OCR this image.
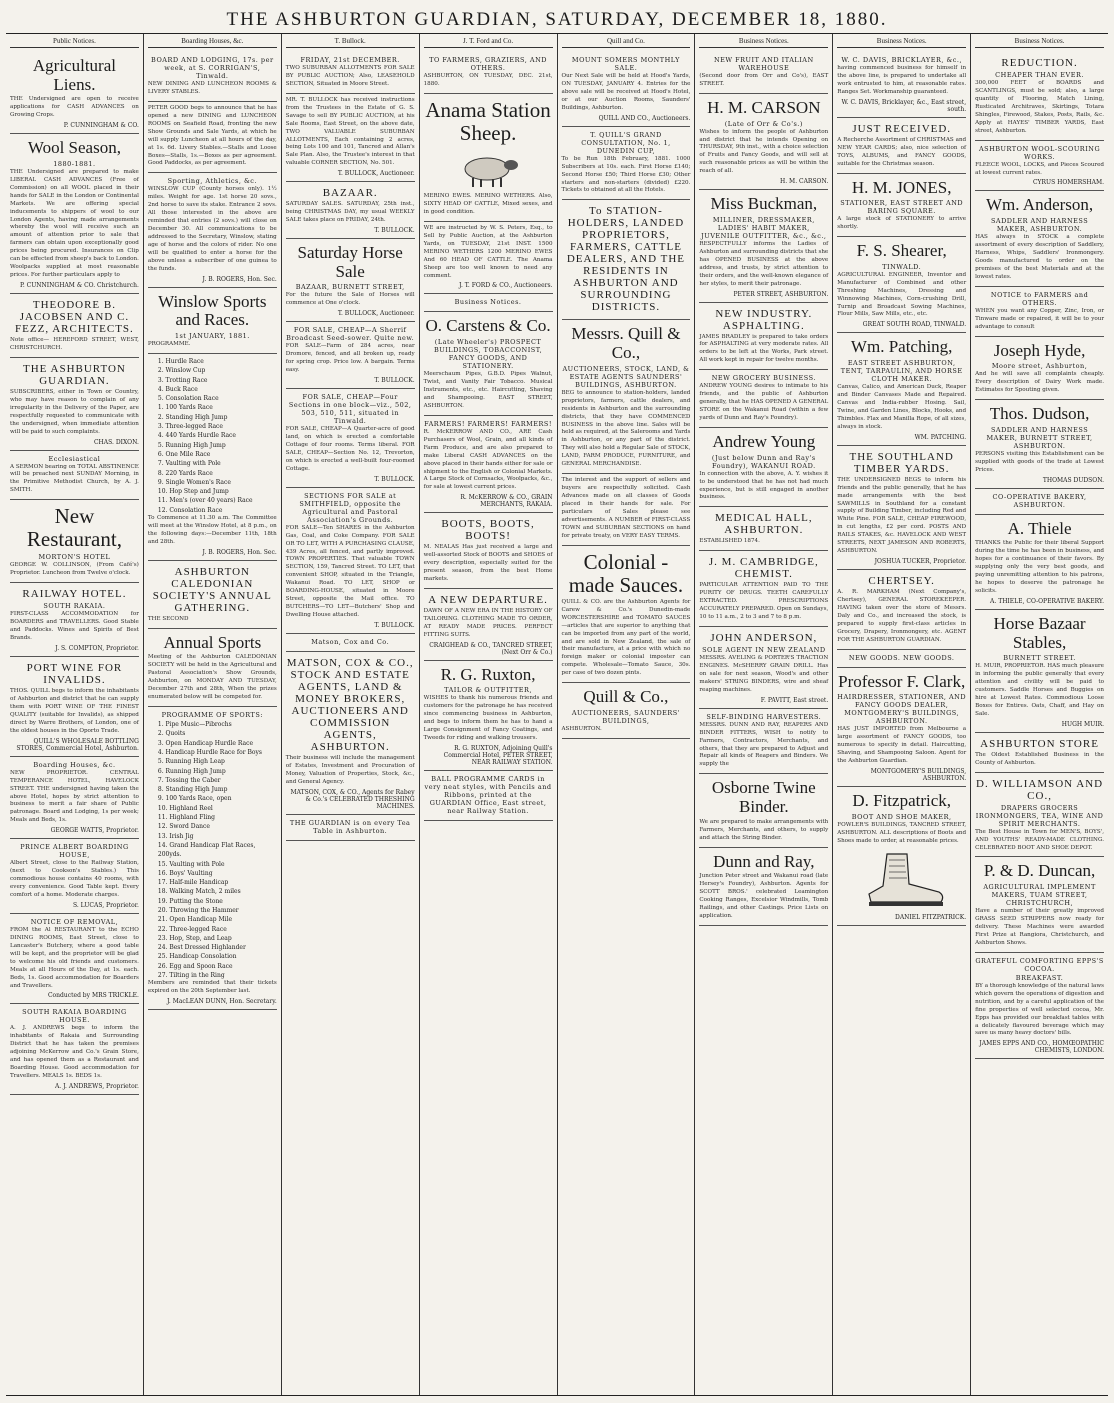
THE ASHBURTON GUARDIAN, SATURDAY, DECEMBER 18, 1880.
Public Notices.
Agricultural Liens.
THE Undersigned are open to receive applications for CASH ADVANCES on Growing Crops.
P. CUNNINGHAM & CO.
Wool Season,
1880-1881.
THE Undersigned are prepared to make LIBERAL CASH ADVANCES (Free of Commission) on all WOOL placed in their hands for SALE in the London or Continental Markets. We are offering special inducements to shippers of wool to our London Agents, having made arrangements whereby the wool will receive such an amount of attention prior to sale that farmers can obtain upon exceptionally good prices being procured. Insurances on Clip can be effected from sheep's back to London. Woolpacks supplied at most reasonable prices. For further particulars apply to
P. CUNNINGHAM & CO. Christchurch.
THEODORE B. JACOBSEN AND C. FEZZ, ARCHITECTS.
Note office— HEREFORD STREET, WEST, CHRISTCHURCH.
THE ASHBURTON GUARDIAN.
SUBSCRIBERS, either in Town or Country, who may have reason to complain of any irregularity in the Delivery of the Paper, are respectfully requested to communicate with the undersigned, when immediate attention will be paid to such complaints.
CHAS. DIXON.
Ecclesiastical
A SERMON bearing on TOTAL ABSTINENCE will be preached next SUNDAY Morning, in the Primitive Methodist Church, by A. J. SMITH.
New Restaurant,
MORTON'S HOTEL
GEORGE W. COLLINSON, (From Café's) Proprietor. Luncheon from Twelve o'clock.
RAILWAY HOTEL.
SOUTH RAKAIA.
FIRST-CLASS ACCOMMODATION for BOARDERS and TRAVELLERS. Good Stable and Paddocks. Wines and Spirits of Best Brands.
J. S. COMPTON, Proprietor.
PORT WINE FOR INVALIDS.
THOS. QUILL begs to inform the inhabitants of Ashburton and district that he can supply them with PORT WINE OF THE FINEST QUALITY (suitable for Invalids), as shipped direct by Warre Brothers, of London, one of the oldest houses in the Oporto Trade.
QUILL'S WHOLESALE BOTTLING STORES, Commercial Hotel, Ashburton.
Boarding Houses, &c.
NEW PROPRIETOR. CENTRAL TEMPERANCE HOTEL, HAVELOCK STREET. THE undersigned having taken the above Hotel, hopes by strict attention to business to merit a fair share of Public patronage. Board and Lodging, 1s per week; Meals and Beds, 1s.
GEORGE WATTS, Proprietor.
PRINCE ALBERT BOARDING HOUSE,
Albert Street, close to the Railway Station, (next to Cookson's Stables.) This commodious house contains 40 rooms, with every convenience. Good Table kept. Every comfort of a home. Moderate charges.
S. LUCAS, Proprietor.
NOTICE OF REMOVAL,
FROM the Al RESTAURANT to the ECHO DINING ROOMS, East Street, close to Lancaster's Butchery, where a good table will be kept, and the proprietor will be glad to welcome his old friends and customers. Meals at all Hours of the Day, at 1s. each. Beds, 1s. Good accommodation for Boarders and Travellers.
Conducted by MRS TRICKLE.
SOUTH RAKAIA BOARDING HOUSE.
A. J. ANDREWS begs to inform the inhabitants of Rakaia and Surrounding District that he has taken the premises adjoining McKerrow and Co.'s Grain Store, and has opened them as a Restaurant and Boarding House. Good accommodation for Travellers. MEALS 1s. BEDS 1s.
A. J. ANDREWS, Proprietor.
Boarding Houses, &c.
BOARD AND LODGING, 17s. per week, at S. CORRIGAN'S, Tinwald.
NEW DINING AND LUNCHEON ROOMS & LIVERY STABLES.
PETER GOOD begs to announce that he has opened a new DINING and LUNCHEON ROOMS on Seafield Road, fronting the new Show Grounds and Sale Yards, at which he will supply Luncheon at all hours of the day, at 1s. 6d. Livery Stables.—Stalls and Loose Boxes—Stalls, 1s.—Boxes as per agreement. Good Paddocks, as per agreement.
Sporting, Athletics, &c.
WINSLOW CUP (County horses only). 1½ miles. Weight for age. 1st horse 20 sovs., 2nd horse to save its stake. Entrance 2 sovs. All those interested in the above are reminded that entries (2 sovs.) will close on December 30. All communications to be addressed to the Secretary, Winslow, stating age of horse and the colors of rider. No one will be qualified to enter a horse for the above unless a subscriber of one guinea to the funds.
J. B. ROGERS, Hon. Sec.
Winslow Sports and Races.
1st JANUARY, 1881.
PROGRAMME.
1. Hurdle Race
2. Winslow Cup
3. Trotting Race
4. Buck Race
5. Consolation Race
1. 100 Yards Race
2. Standing High Jump
3. Three-legged Race
4. 440 Yards Hurdle Race
5. Running High Jump
6. One Mile Race
7. Vaulting with Pole
8. 220 Yards Race
9. Single Women's Race
10. Hop Step and Jump
11. Men's (over 40 years) Race
12. Consolation Race
To Commence at 11.30 a.m. The Committee will meet at the Winslow Hotel, at 8 p.m., on the following days:—December 11th, 18th and 28th.
J. B. ROGERS, Hon. Sec.
ASHBURTON CALEDONIAN SOCIETY'S ANNUAL GATHERING.
THE SECOND
Annual Sports
Meeting of the Ashburton CALEDONIAN SOCIETY will be held in the Agricultural and Pastoral Association's Show Grounds, Ashburton, on MONDAY AND TUESDAY, December 27th and 28th, When the prizes enumerated below will be competed for.
PROGRAMME OF SPORTS:
1. Pipe Music—Pibrochs
2. Quoits
3. Open Handicap Hurdle Race
4. Handicap Hurdle Race for Boys
5. Running High Leap
6. Running High Jump
7. Tossing the Caber
8. Standing High Jump
9. 100 Yards Race, open
10. Highland Reel
11. Highland Fling
12. Sword Dance
13. Irish Jig
14. Grand Handicap Flat Races, 200yds.
15. Vaulting with Pole
16. Boys' Vaulting
17. Half-mile Handicap
18. Walking Match, 2 miles
19. Putting the Stone
20. Throwing the Hammer
21. Open Handicap Mile
22. Three-legged Race
23. Hop, Step, and Leap
24. Best Dressed Highlander
25. Handicap Consolation
26. Egg and Spoon Race
27. Tilting in the Ring
Members are reminded that their tickets expired on the 20th September last.
J. MacLEAN DUNN, Hon. Secretary.
T. Bullock.
FRIDAY, 21st DECEMBER.
TWO SUBURBAN ALLOTMENTS FOR SALE BY PUBLIC AUCTION; Also, LEASEHOLD SECTION, Situated in Moore Street.
MR. T. BULLOCK has received instructions from the Trustees in the Estate of G. S. Savage to sell BY PUBLIC AUCTION, at his Sale Rooms, East Street, on the above date, TWO VALUABLE SUBURBAN ALLOTMENTS, Each containing 2 acres, being Lots 100 and 101, Tancred and Allan's Sale Plan. Also, the Trustee's interest in that valuable CORNER SECTION, No. 501.
T. BULLOCK, Auctioneer.
BAZAAR.
SATURDAY SALES. SATURDAY, 25th inst., being CHRISTMAS DAY, my usual WEEKLY SALE takes place on FRIDAY, 24th.
T. BULLOCK.
Saturday Horse Sale
BAZAAR, BURNETT STREET,
For the future the Sale of Horses will commence at One o'clock.
T. BULLOCK, Auctioneer.
FOR SALE, CHEAP—A Sherrif Broadcast Seed-sower. Quite new.
FOR SALE—Farm of 284 acres, near Dromore, fenced, and all broken up, ready for spring crop. Price low. A bargain. Terms easy.
T. BULLOCK.
FOR SALE, CHEAP—Four Sections in one block—viz., 502, 503, 510, 511, situated in Tinwald.
FOR SALE, CHEAP—A Quarter-acre of good land, on which is erected a comfortable Cottage of four rooms. Terms liberal. FOR SALE, CHEAP—Section No. 12, Trevorton, on which is erected a well-built four-roomed Cottage.
T. BULLOCK.
SECTIONS FOR SALE at SMITHFIELD, opposite the Agricultural and Pastoral Association's Grounds.
FOR SALE—Ten SHARES in the Ashburton Gas, Coal, and Coke Company. FOR SALE OR TO LET, WITH A PURCHASING CLAUSE, 439 Acres, all fenced, and partly improved. TOWN PROPERTIES. That valuable TOWN SECTION, 159, Tancred Street. TO LET, that convenient SHOP, situated in the Triangle, Wakanui Road. TO LET, SHOP or BOARDING-HOUSE, situated in Moore Street, opposite the Mail office. TO BUTCHERS—TO LET—Butchers' Shop and Dwelling House attached.
T. BULLOCK.
Matson, Cox and Co.
MATSON, COX & CO., STOCK AND ESTATE AGENTS, LAND & MONEY BROKERS, AUCTIONEERS AND COMMISSION AGENTS, ASHBURTON.
Their business will include the management of Estates, Investment and Procuration of Money, Valuation of Properties, Stock, &c., and General Agency.
MATSON, COX, & CO., Agents for Rabey & Co.'s CELEBRATED THRESHING MACHINES.
THE GUARDIAN is on every Tea Table in Ashburton.
J. T. Ford and Co.
TO FARMERS, GRAZIERS, AND OTHERS.
ASHBURTON, ON TUESDAY, DEC. 21st, 1880.
Anama Station Sheep.
MERINO EWES. MERINO WETHERS. Also, SIXTY HEAD OF CATTLE, Mixed sexes, and in good condition.
WE are instructed by W. S. Peters, Esq., to Sell by Public Auction, at the Ashburton Yards, on TUESDAY, 21st INST. 1500 MERINO WETHERS 1200 MERINO EWES And 60 HEAD OF CATTLE. The Anama Sheep are too well known to need any comment.
J. T. FORD & CO., Auctioneers.
Business Notices.
O. Carstens & Co.
(Late Wheeler's) PROSPECT BUILDINGS, TOBACCONIST, FANCY GOODS, AND STATIONERY.
Meerschaum Pipes, G.B.D. Pipes Walnut, Twist, and Vanity Fair Tobacco. Musical Instruments, etc., etc. Haircutting, Shaving and Shampooing. EAST STREET, ASHBURTON.
FARMERS! FARMERS! FARMERS!
R. McKERROW AND CO., ARE Cash Purchasers of Wool, Grain, and all kinds of Farm Produce, and are also prepared to make Liberal CASH ADVANCES on the above placed in their hands either for sale or shipment to the English or Colonial Markets. A Large Stock of Cornsacks, Woolpacks, &c., for sale at lowest current prices.
R. McKERROW & CO., GRAIN MERCHANTS, RAKAIA.
BOOTS, BOOTS, BOOTS!
M. NEALAS Has just received a large and well-assorted Stock of BOOTS and SHOES of every description, especially suited for the present season, from the best Home markets.
A NEW DEPARTURE.
DAWN OF A NEW ERA IN THE HISTORY OF TAILORING. CLOTHING MADE TO ORDER, AT READY MADE PRICES. PERFECT FITTING SUITS.
CRAIGHEAD & CO., TANCRED STREET, (Next Orr & Co.)
R. G. Ruxton,
TAILOR & OUTFITTER,
WISHES to thank his numerous friends and customers for the patronage he has received since commencing business in Ashburton, and begs to inform them he has to hand a Large Consignment of Fancy Coatings, and Tweeds for riding and walking trousers.
R. G. RUXTON, Adjoining Quill's Commercial Hotel, PETER STREET, NEAR RAILWAY STATION.
BALL PROGRAMME CARDS in very neat styles, with Pencils and Ribbons, printed at the GUARDIAN Office, East street, near Railway Station.
Quill and Co.
MOUNT SOMERS MONTHLY SALE.
Our Next Sale will be held at Hood's Yards, ON TUESDAY, JANUARY 4. Entries for the above sale will be received at Hood's Hotel, or at our Auction Rooms, Saunders' Buildings, Ashburton.
QUILL AND CO., Auctioneers.
T. QUILL'S GRAND CONSULTATION, No. 1, DUNEDIN CUP,
To be Run 18th February, 1881. 1000 Subscribers at 10s. each. First Horse £140; Second Horse £50; Third Horse £30; Other starters and non-starters (divided) £220. Tickets to obtained at all the Hotels.
To STATION-HOLDERS, LANDED PROPRIETORS, FARMERS, CATTLE DEALERS, AND THE RESIDENTS IN ASHBURTON AND SURROUNDING DISTRICTS.
Messrs. Quill & Co.,
AUCTIONEERS, STOCK, LAND, & ESTATE AGENTS SAUNDERS' BUILDINGS, ASHBURTON.
BEG to announce to station-holders, landed proprietors, farmers, cattle dealers, and residents in Ashburton and the surrounding districts, that they have COMMENCED BUSINESS in the above line. Sales will be held as required, at the Salerooms and Yards in Ashburton, or any part of the district. They will also hold a Regular Sale of STOCK, LAND, FARM PRODUCE, FURNITURE, and GENERAL MERCHANDISE.
The interest and the support of sellers and buyers are respectfully solicited. Cash Advances made on all classes of Goods placed in their hands for sale. For particulars of Sales please see advertisements. A NUMBER of FIRST-CLASS TOWN and SUBURBAN SECTIONS on hand for private treaty, on VERY EASY TERMS.
Colonial - made Sauces.
QUILL & CO. are the Ashburton Agents for Carew & Co.'s Dunedin-made WORCESTERSHIRE and TOMATO SAUCES—articles that are superior to anything that can be imported from any part of the world, and are sold in New Zealand, the sale of their manufacture, at a price with which no foreign maker or colonial imposter can compete. Wholesale—Tomato Sauce, 30s. per case of two dozen pints.
Quill & Co.,
AUCTIONEERS, SAUNDERS' BUILDINGS,
ASHBURTON.
Business Notices.
NEW FRUIT AND ITALIAN WAREHOUSE
(Second door from Orr and Co's), EAST STREET.
H. M. CARSON
(Late of Orr & Co's.)
Wishes to inform the people of Ashburton and district that he intends Opening on THURSDAY, 9th inst., with a choice selection of Fruits and Fancy Goods, and will sell at such reasonable prices as will be within the reach of all.
H. M. CARSON.
Miss Buckman,
MILLINER, DRESSMAKER, LADIES' HABIT MAKER, JUVENILE OUTFITTER, &c., &c.,
RESPECTFULLY informs the Ladies of Ashburton and surrounding districts that she has OPENED BUSINESS at the above address, and trusts, by strict attention to their orders, and the well-known elegance of her styles, to merit their patronage.
PETER STREET, ASHBURTON.
NEW INDUSTRY. ASPHALTING.
JAMES BRADLEY is prepared to take orders for ASPHALTING at very moderate rates. All orders to be left at the Works, Park street. All work kept in repair for twelve months.
NEW GROCERY BUSINESS.
ANDREW YOUNG desires to intimate to his friends, and the public of Ashburton generally, that he HAS OPENED A GENERAL STORE on the Wakanui Road (within a few yards of Dunn and Ray's Foundry).
Andrew Young
(Just below Dunn and Ray's Foundry), WAKANUI ROAD.
In connection with the above, A. Y. wishes it to be understood that he has not had much experience, but is still engaged in another business.
MEDICAL HALL, ASHBURTON.
ESTABLISHED 1874.
J. M. CAMBRIDGE, CHEMIST.
PARTICULAR ATTENTION PAID TO THE PURITY OF DRUGS. TEETH CAREFULLY EXTRACTED. PRESCRIPTIONS ACCURATELY PREPARED. Open on Sundays, 10 to 11 a.m., 2 to 3 and 7 to 8 p.m.
JOHN ANDERSON,
SOLE AGENT IN NEW ZEALAND
MESSRS. AVELING & PORTER'S TRACTION ENGINES. McSHERRY GRAIN DRILL. Has on sale for next season, Wood's and other makers' STRING BINDERS, wire and sheaf reaping machines.
F. PAVITT, East street.
SELF-BINDING HARVESTERS.
MESSRS. DUNN AND RAY, REAPERS AND BINDER FITTERS, WISH to notify to Farmers, Contractors, Merchants, and others, that they are prepared to Adjust and Repair all kinds of Reapers and Binders. We supply the
Osborne Twine Binder.
We are prepared to make arrangements with Farmers, Merchants, and others, to supply and attach the String Binder.
Dunn and Ray,
Junction Peter street and Wakanui road (late Hersey's Foundry), Ashburton. Agents for SCOTT BROS.' celebrated Leamington Cooking Ranges, Excelsior Windmills, Tomb Railings, and other Castings. Price Lists on application.
Business Notices.
W. C. DAVIS, BRICKLAYER, &c.,
having commenced business for himself in the above line, is prepared to undertake all work entrusted to him, at reasonable rates. Ranges Set. Workmanship guaranteed.
W. C. DAVIS, Bricklayer, &c., East street, south.
JUST RECEIVED.
A Recherche Assortment of CHRISTMAS and NEW YEAR CARDS; also, nice selection of TOYS, ALBUMS, and FANCY GOODS, suitable for the Christmas season.
H. M. JONES,
STATIONER, EAST STREET AND BARING SQUARE.
A large stock of STATIONERY to arrive shortly.
F. S. Shearer,
TINWALD.
AGRICULTURAL ENGINEER, Inventor and Manufacturer of Combined and other Threshing Machines, Dressing and Winnowing Machines, Corn-crushing Drill, Turnip and Broadcast Sowing Machines, Flour Mills, Saw Mills, etc., etc.
GREAT SOUTH ROAD, TINWALD.
Wm. Patching,
EAST STREET ASHBURTON, TENT, TARPAULIN, AND HORSE CLOTH MAKER.
Canvas, Calico, and American Duck, Reaper and Binder Canvases Made and Repaired. Canvas and India-rubber Hosing. Sail, Twine, and Garden Lines, Blocks, Hooks, and Thimbles. Flax and Manilla Rope, of all sizes, always in stock.
WM. PATCHING.
THE SOUTHLAND TIMBER YARDS.
THE UNDERSIGNED BEGS to inform his friends and the public generally, that he has made arrangements with the best SAWMILLS in Southland for a constant supply of Building Timber, including Red and White Pine. FOR SALE, CHEAP FIREWOOD, in cut lengths, £2 per cord. POSTS AND RAILS STAKES, &c. HAVELOCK AND WEST STREETS, NEXT JAMESON AND ROBERTS, ASHBURTON.
JOSHUA TUCKER, Proprietor.
CHERTSEY.
A. R. MARKHAM (Next Company's, Chertsey), GENERAL STOREKEEPER. HAVING taken over the store of Messrs. Daly and Co., and increased the stock, is prepared to supply first-class articles in Grocery, Drapery, Ironmongery, etc. AGENT FOR THE ASHBURTON GUARDIAN.
NEW GOODS. NEW GOODS.
Professor F. Clark,
HAIRDRESSER, STATIONER, AND FANCY GOODS DEALER, MONTGOMERY'S BUILDINGS, ASHBURTON.
HAS JUST IMPORTED from Melbourne a large assortment of FANCY GOODS, too numerous to specify in detail. Haircutting, Shaving, and Shampooing Saloon. Agent for the Ashburton Guardian.
MONTGOMERY'S BUILDINGS, ASHBURTON.
D. Fitzpatrick,
BOOT AND SHOE MAKER,
FOWLER'S BUILDINGS, TANCRED STREET, ASHBURTON. ALL descriptions of Boots and Shoes made to order, at reasonable prices.
DANIEL FITZPATRICK.
Business Notices.
REDUCTION.
CHEAPER THAN EVER.
300,000 FEET of BOARDS and SCANTLINGS, must be sold; also, a large quantity of Flooring, Match Lining, Rusticated Architraves, Skirtings, Totara Shingles, Firewood, Stakes, Posts, Rails, &c. Apply at HAYES' TIMBER YARDS, East street, Ashburton.
ASHBURTON WOOL-SCOURING WORKS.
FLEECE WOOL, LOCKS, and Pieces Scoured at lowest current rates.
CYRUS HOMERSHAM.
Wm. Anderson,
SADDLER AND HARNESS MAKER, ASHBURTON.
HAS always in STOCK a complete assortment of every description of Saddlery, Harness, Whips, Saddlers' Ironmongery. Goods manufactured to order on the premises of the best Materials and at the lowest rates.
NOTICE to FARMERS and OTHERS.
WHEN you want any Copper, Zinc, Iron, or Tinware made or repaired, it will be to your advantage to consult
Joseph Hyde,
Moore street, Ashburton,
And he will save all complaints cheaply. Every description of Dairy Work made. Estimates for Spouting given.
Thos. Dudson,
SADDLER AND HARNESS MAKER, BURNETT STREET, ASHBURTON.
PERSONS visiting this Establishment can be supplied with goods of the trade at Lowest Prices.
THOMAS DUDSON.
CO-OPERATIVE BAKERY, ASHBURTON.
A. Thiele
THANKS the Public for their liberal Support during the time he has been in business, and hopes for a continuance of their favors. By supplying only the very best goods, and paying unremitting attention to his patrons, he hopes to deserve the patronage he solicits.
A. THIELE, CO-OPERATIVE BAKERY.
Horse Bazaar Stables,
BURNETT STREET.
H. MUIR, PROPRIETOR. HAS much pleasure in informing the public generally that every attention and civility will be paid to customers. Saddle Horses and Buggies on hire at Lowest Rates. Commodious Loose Boxes for Entires. Oats, Chaff, and Hay on Sale.
HUGH MUIR.
ASHBURTON STORE
The Oldest Established Business in the County of Ashburton.
D. WILLIAMSON AND CO.,
DRAPERS GROCERS IRONMONGERS, TEA, WINE AND SPIRIT MERCHANTS.
The Best House in Town for MEN'S, BOYS', AND YOUTHS' READY-MADE CLOTHING. CELEBRATED BOOT AND SHOE DEPOT.
P. & D. Duncan,
AGRICULTURAL IMPLEMENT MAKERS, TUAM STREET, CHRISTCHURCH,
Have a number of their greatly improved GRASS SEED STRIPPERS now ready for delivery. These Machines were awarded First Prize at Rangiora, Christchurch, and Ashburton Shows.
GRATEFUL COMFORTING EPPS'S COCOA.
BREAKFAST.
BY a thorough knowledge of the natural laws which govern the operations of digestion and nutrition, and by a careful application of the fine properties of well selected cocoa, Mr. Epps has provided our breakfast tables with a delicately flavoured beverage which may save us many heavy doctors' bills.
JAMES EPPS AND CO., HOMŒOPATHIC CHEMISTS, LONDON.
